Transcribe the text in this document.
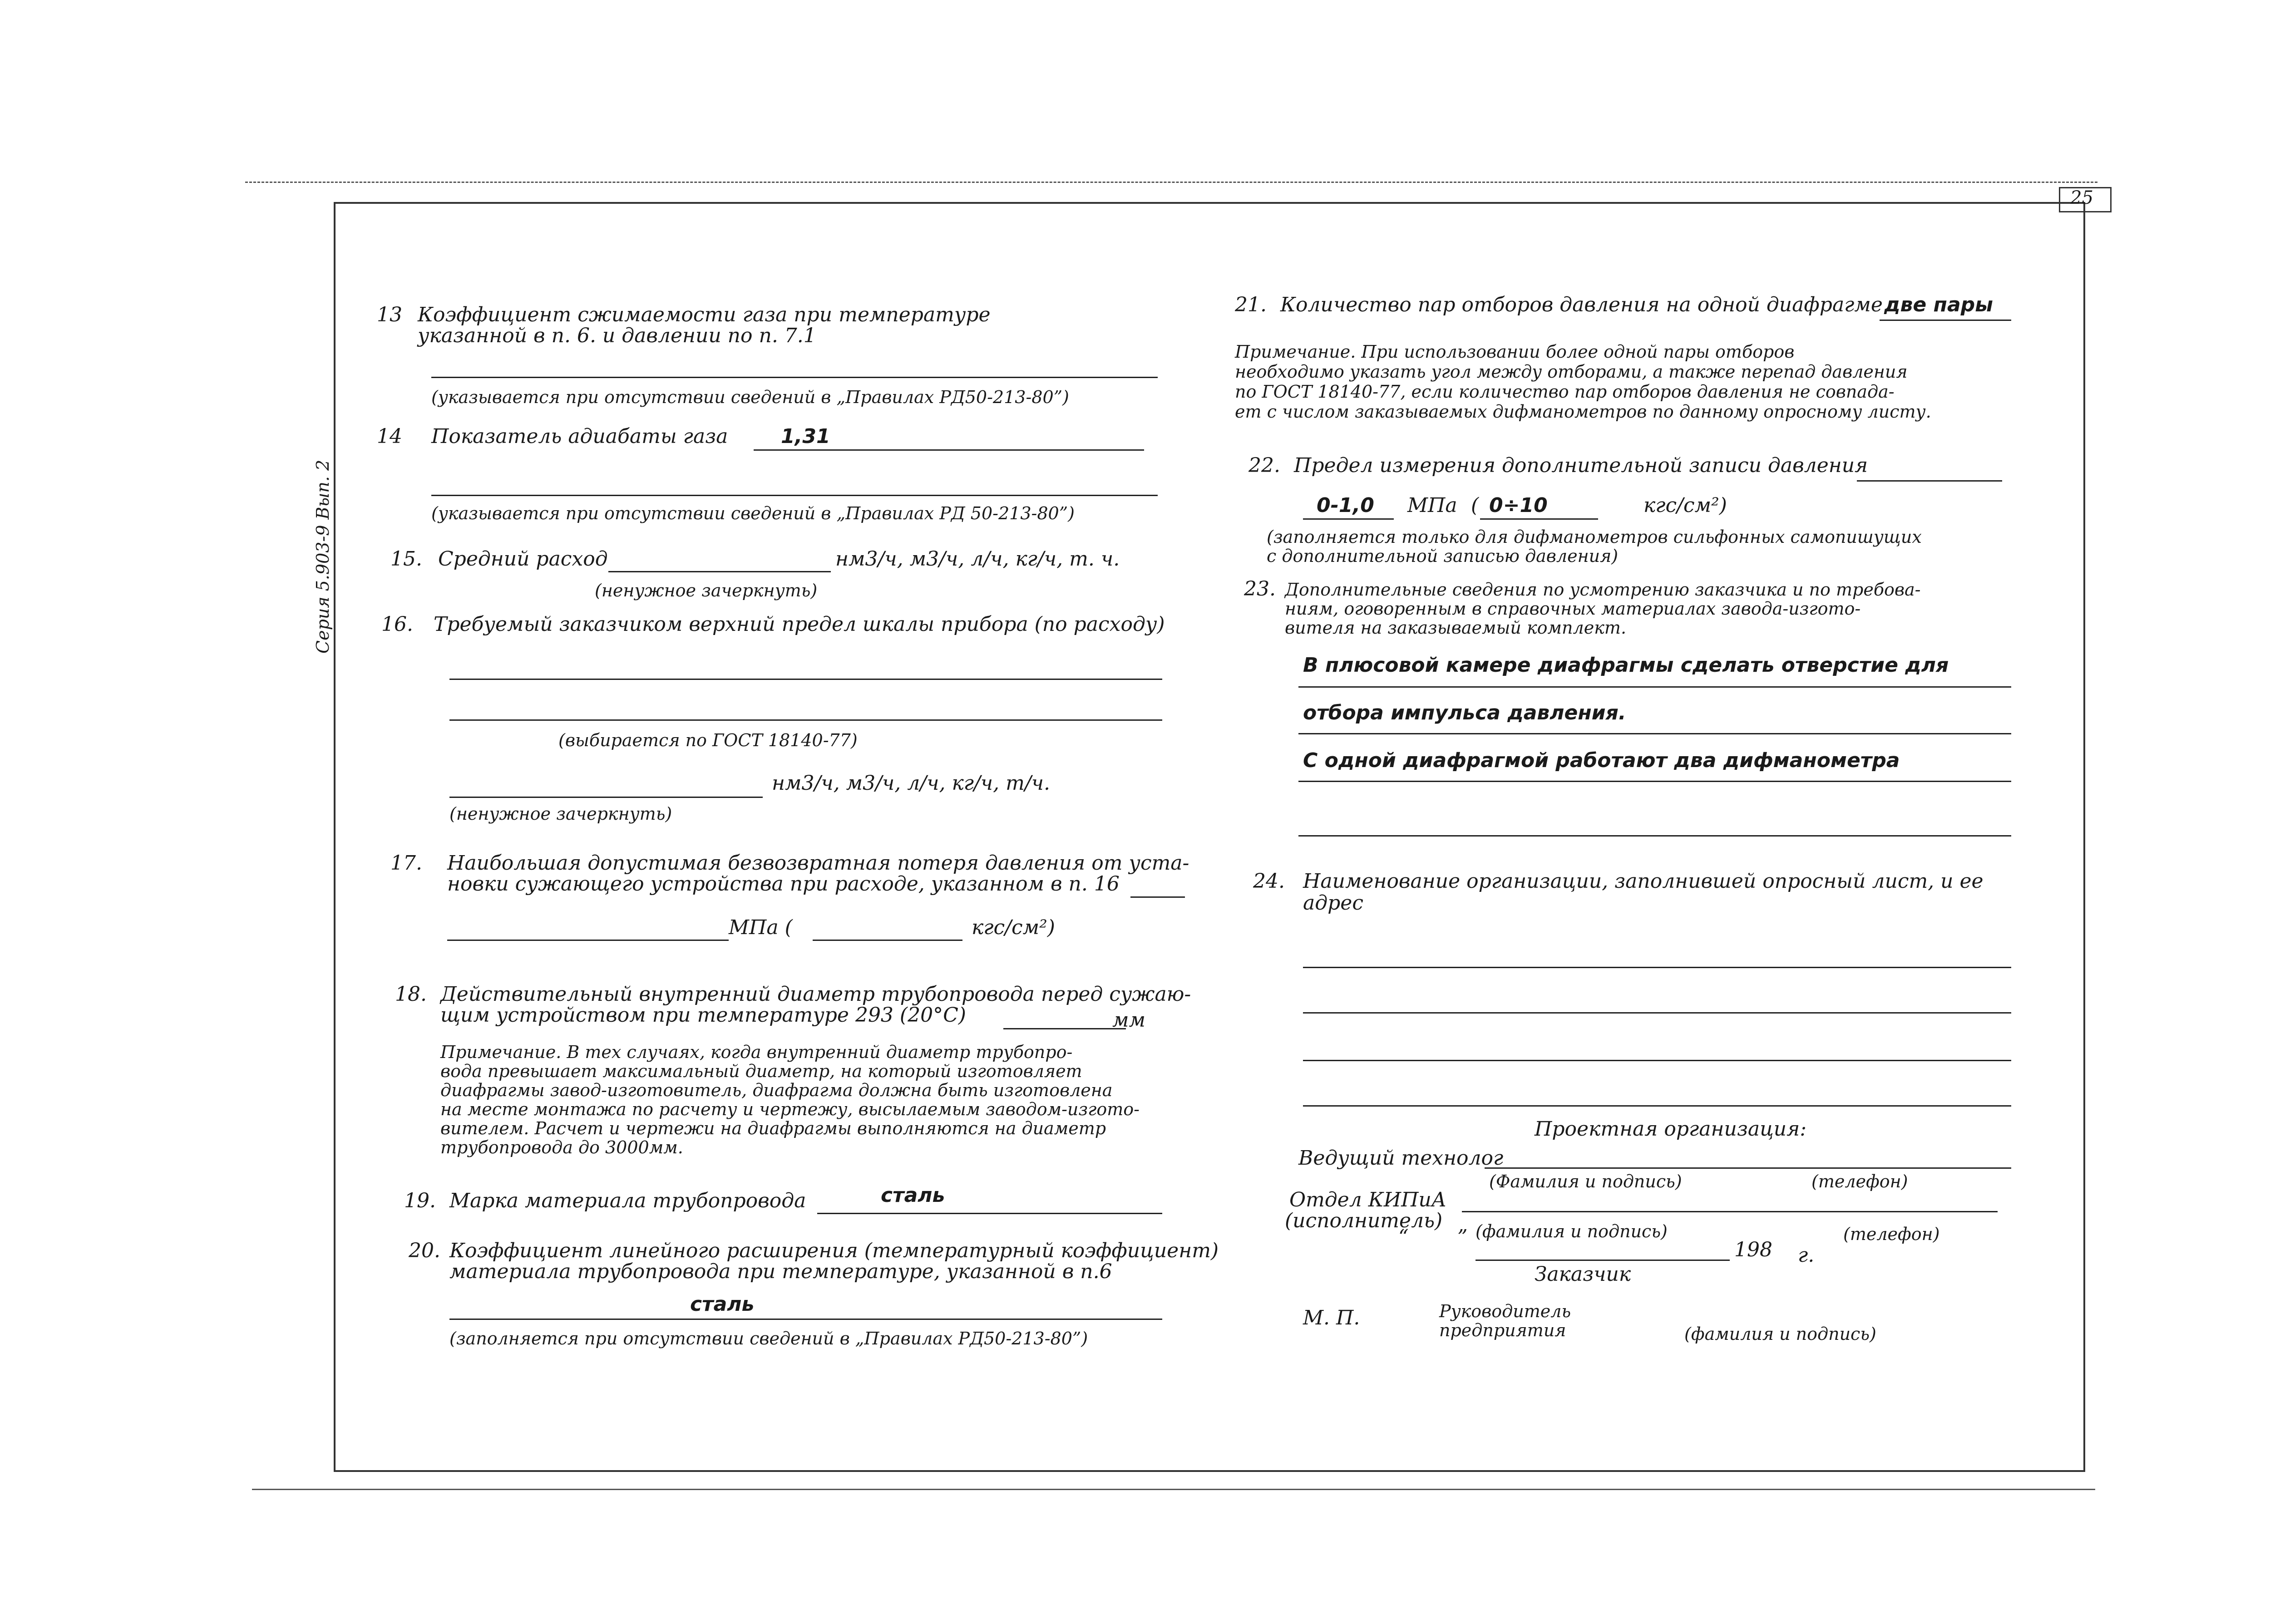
25
Серия 5.903-9 Вып. 2
13 Коэффициент сжимаемости газа при температуре
указанной в п. 6. и давлении по п. 7.1
(указывается при отсутствии сведений в „Правилах РД50-213-80”)
14 Показатель адиабаты газа	1,31
(указывается при отсутствии сведений в „Правилах РД 50-213-80”)
15. Средний расход	нм3/ч, м3/ч, л/ч, кг/ч, т. ч.
(ненужное зачеркнуть)
16. Требуемый заказчиком верхний предел шкалы прибора (по расходу)
(выбирается по ГОСТ 18140-77)
нм3/ч, м3/ч, л/ч, кг/ч, т/ч.
(ненужное зачеркнуть)
17. Наибольшая допустимая безвозвратная потеря давления от уста-
новки сужающего устройства при расходе, указанном в п. 16
МПа (	кгс/см²)
18. Действительный внутренний диаметр трубопровода перед сужаю-
щим устройством при температуре 293 (20°С)	мм
Примечание. В тех случаях, когда внутренний диаметр трубопро-
вода превышает максимальный диаметр, на который изготовляет
диафрагмы завод-изготовитель, диафрагма должна быть изготовлена
на месте монтажа по расчету и чертежу, высылаемым заводом-изгото-
вителем. Расчет и чертежи на диафрагмы выполняются на диаметр
трубопровода до 3000мм.
19. Марка материала трубопровода	сталь
20. Коэффициент линейного расширения (температурный коэффициент)
материала трубопровода при температуре, указанной в п.6
сталь
(заполняется при отсутствии сведений в „Правилах РД50-213-80”)
21. Количество пар отборов давления на одной диафрагме две пары
Примечание. При использовании более одной пары отборов
необходимо указать угол между отборами, а также перепад давления
по ГОСТ 18140-77, если количество пар отборов давления не совпада-
ет с числом заказываемых дифманометров по данному опросному листу.
22. Предел измерения дополнительной записи давления
0-1,0 МПа ( 0÷10	кгс/см²)
(заполняется только для дифманометров сильфонных самопишущих
с дополнительной записью давления)
23. Дополнительные сведения по усмотрению заказчика и по требова-
ниям, оговоренным в справочных материалах завода-изгото-
вителя на заказываемый комплект.
В плюсовой камере диафрагмы сделать отверстие для
отбора импульса давления.
С одной диафрагмой работают два дифманометра
24. Наименование организации, заполнившей опросный лист, и ее
адрес
Проектная организация:
Ведущий технолог
(Фамилия и подпись)	(телефон)
Отдел КИПиА
(исполнитель)
“ ” (фамилия и подпись)
198 г.
(телефон)
Заказчик
М. П.	Руководитель
предприятия	(фамилия и подпись)
